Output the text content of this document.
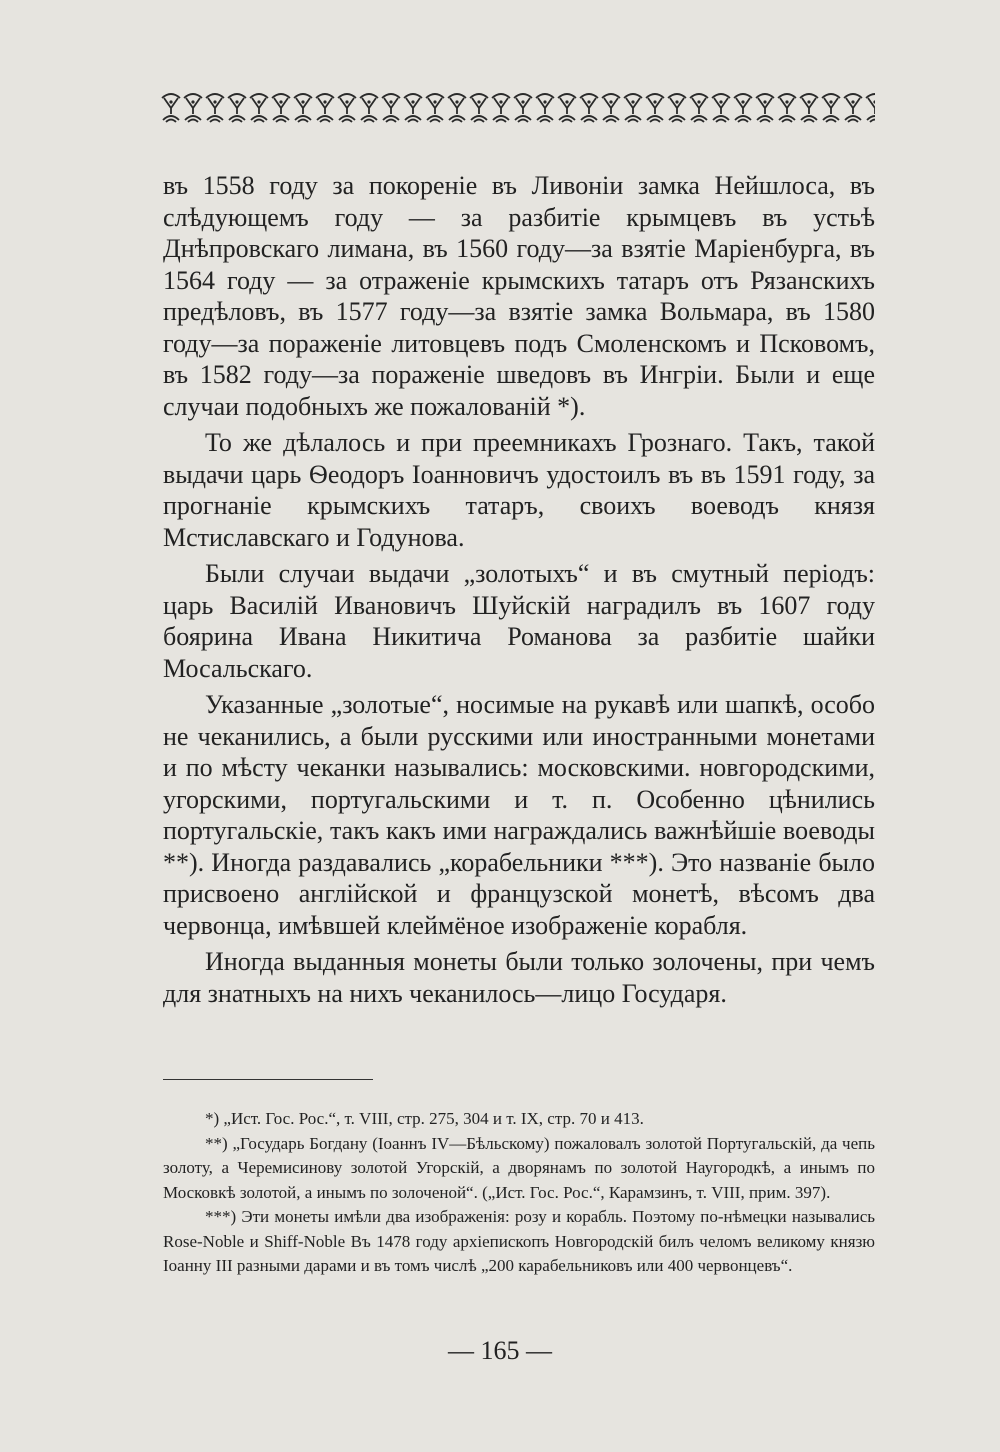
въ 1558 году за покореніе въ Ливоніи замка Нейшлоса, въ слѣдующемъ году — за разбитіе крымцевъ въ устьѣ Днѣпровскаго лимана, въ 1560 году—за взятіе Маріенбурга, въ 1564 году — за отраженіе крымскихъ татаръ отъ Рязанскихъ предѣловъ, въ 1577 году—за взятіе замка Вольмара, въ 1580 году—за пораженіе литовцевъ подъ Смоленскомъ и Псковомъ, въ 1582 году—за пораженіе шведовъ въ Ингріи. Были и еще случаи подобныхъ же пожалованій *).

То же дѣлалось и при преемникахъ Грознаго. Такъ, такой выдачи царь Ѳеодоръ Іоанновичъ удостоилъ въ въ 1591 году, за прогнаніе крымскихъ татаръ, своихъ воеводъ князя Мстиславскаго и Годунова.

Были случаи выдачи „золотыхъ“ и въ смутный періодъ: царь Василій Ивановичъ Шуйскій наградилъ въ 1607 году боярина Ивана Никитича Романова за разбитіе шайки Мосальскаго.

Указанные „золотые“, носимые на рукавѣ или шапкѣ, особо не чеканились, а были русскими или иностранными монетами и по мѣсту чеканки назывались: московскими. новгородскими, угорскими, португальскими и т. п. Особенно цѣнились португальскіе, такъ какъ ими награждались важнѣйшіе воеводы **). Иногда раздавались „корабельники ***). Это названіе было присвоено англійской и французской монетѣ, вѣсомъ два червонца, имѣвшей клеймёное изображеніе корабля.

Иногда выданныя монеты были только золочены, при чемъ для знатныхъ на нихъ чеканилось—лицо Государя.

*) „Ист. Гос. Рос.“, т. VIII, стр. 275, 304 и т. IX, стр. 70 и 413.

**) „Государь Богдану (Іоаннъ IV—Бѣльскому) пожаловалъ золотой Португальскій, да чепь золоту, а Черемисинову золотой Угорскій, а дворянамъ по золотой Наугородкѣ, а инымъ по Московкѣ золотой, а инымъ по золоченой“. („Ист. Гос. Рос.“, Карамзинъ, т. VIII, прим. 397).

***) Эти монеты имѣли два изображенія: розу и корабль. Поэтому по-нѣмецки назывались Rose-Noble и Shiff-Noble Въ 1478 году архіепископъ Новгородскій билъ челомъ великому князю Іоанну III разными дарами и въ томъ числѣ „200 карабельниковъ или 400 червонцевъ“.

— 165 —
